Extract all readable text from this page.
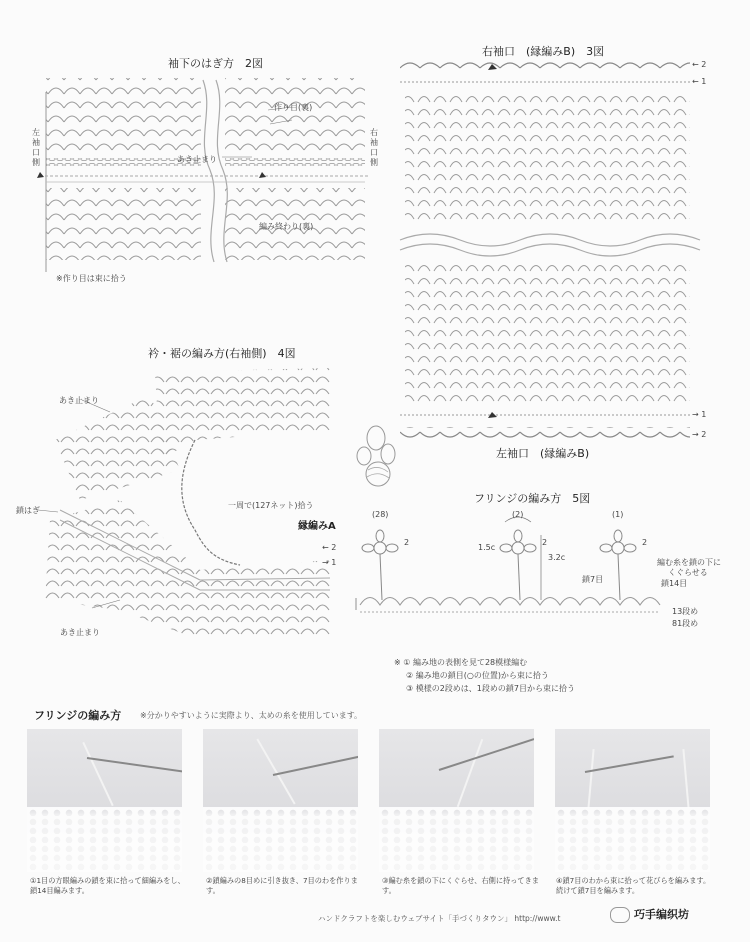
袖下のはぎ方　2図
左袖口側
右袖口側
作り目(裏)
あき止まり
編み終わり(裏)
※作り目は束に拾う
右袖口　(縁編みB)　3図
← 2
← 1
→ 1
→ 2
左袖口　(縁編みB)
衿・裾の編み方(右袖側)　4図
あき止まり
鎖はぎ
一周で(127ネット)拾う
縁編みA
← 2
→ 1
あき止まり
フリンジの編み方　5図
(28)	(2)	(1)
1.5c
3.2c
2	2	2
編む糸を鎖の下に
くぐらせる
鎖14目
鎖7目
13段め
81段め
※ ① 編み地の表側を見て28模様編む
② 編み地の鎖目(○の位置)から束に拾う
③ 模様の2段めは、1段めの鎖7目から束に拾う
フリンジの編み方 ※分かりやすいように実際より、太めの糸を使用しています。
①1目の方眼編みの鎖を束に拾って細編みをし、鎖14目編みます。
②鎖編みの8目めに引き抜き、7目のわを作ります。
③編む糸を鎖の下にくぐらせ、右側に持ってきます。
④鎖7目のわから束に拾って花びらを編みます。続けて鎖7目を編みます。
ハンドクラフトを楽しむウェブサイト「手づくりタウン」 http://www.t	巧手编织坊
